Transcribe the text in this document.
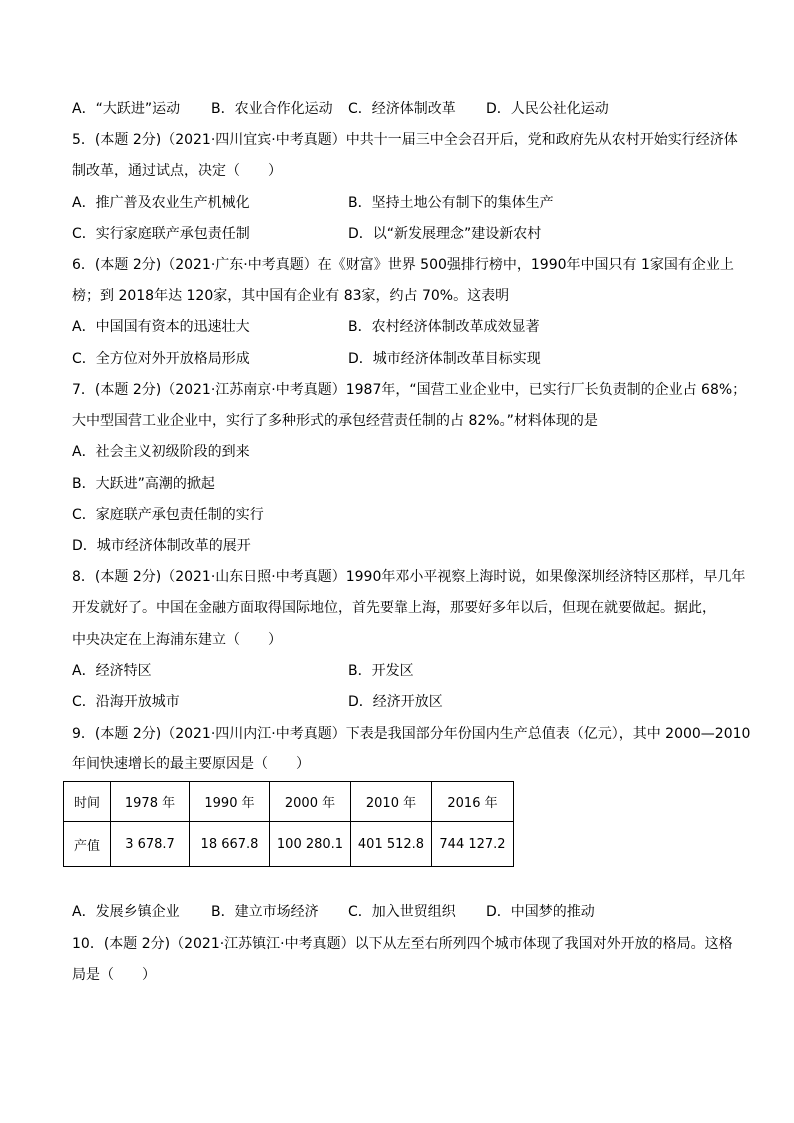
A．“大跃进”运动 B．农业合作化运动 C．经济体制改革 D．人民公社化运动
5．(本题 2分)（2021·四川宜宾·中考真题）中共十一届三中全会召开后，党和政府先从农村开始实行经济体
制改革，通过试点，决定（　　）
A．推广普及农业生产机械化	B．坚持土地公有制下的集体生产
C．实行家庭联产承包责任制	D．以“新发展理念”建设新农村
6．(本题 2分)（2021·广东·中考真题）在《财富》世界 500强排行榜中，1990年中国只有 1家国有企业上
榜；到 2018年达 120家，其中国有企业有 83家，约占 70%。这表明
A．中国国有资本的迅速壮大	B．农村经济体制改革成效显著
C．全方位对外开放格局形成	D．城市经济体制改革目标实现
7．(本题 2分)（2021·江苏南京·中考真题）1987年，“国营工业企业中，已实行厂长负责制的企业占 68%；
大中型国营工业企业中，实行了多种形式的承包经营责任制的占 82%。”材料体现的是
A．社会主义初级阶段的到来
B．大跃进”高潮的掀起
C．家庭联产承包责任制的实行
D．城市经济体制改革的展开
8．(本题 2分)（2021·山东日照·中考真题）1990年邓小平视察上海时说，如果像深圳经济特区那样，早几年
开发就好了。中国在金融方面取得国际地位，首先要靠上海，那要好多年以后，但现在就要做起。据此，
中央决定在上海浦东建立（　　）
A．经济特区	B．开发区
C．沿海开放城市	D．经济开放区
9．(本题 2分)（2021·四川内江·中考真题）下表是我国部分年份国内生产总值表（亿元），其中 2000—2010
年间快速增长的最主要原因是（　　）
时间	1978 年	1990 年	2000 年	2010 年	2016 年
产值	3 678.7	18 667.8	100 280.1	401 512.8	744 127.2
A．发展乡镇企业 B．建立市场经济 C．加入世贸组织 D．中国梦的推动
10．(本题 2分)（2021·江苏镇江·中考真题）以下从左至右所列四个城市体现了我国对外开放的格局。这格
局是（　　）
